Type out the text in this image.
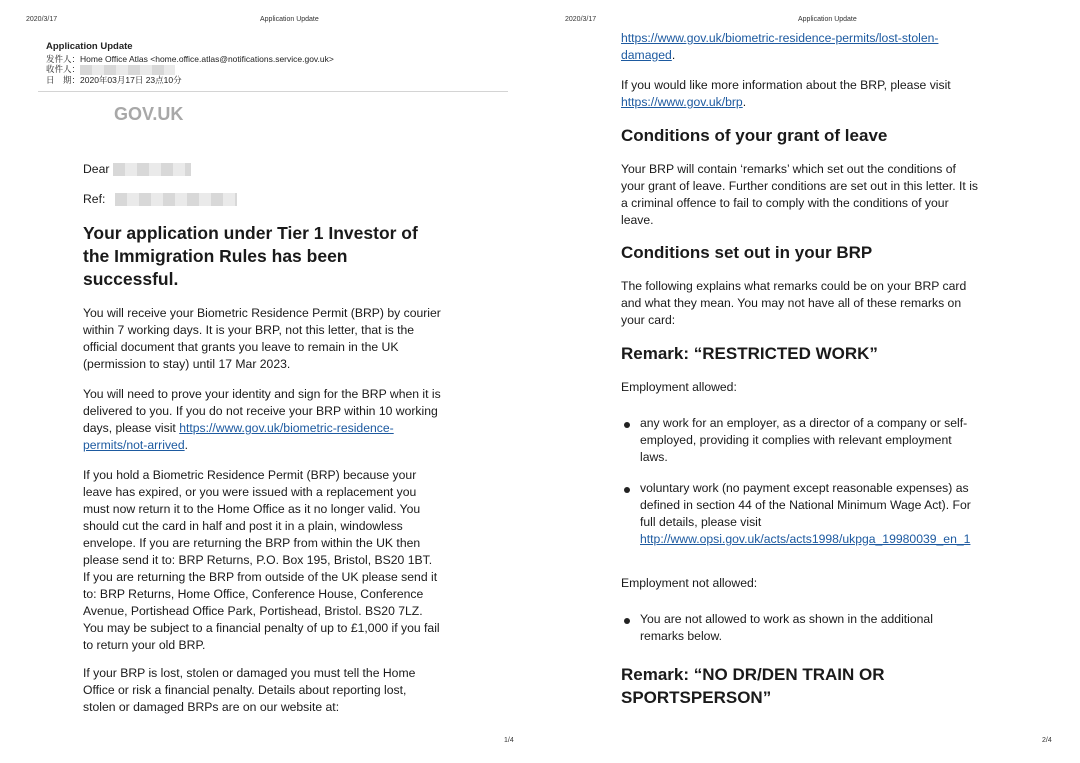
2020/3/17	Application Update
Application Update
发件人：Home Office Atlas <home.office.atlas@notifications.service.gov.uk>
收件人：
日　期：2020年03月17日 23点10分
GOV.UK
Dear
Ref:
Your application under Tier 1 Investor of
the Immigration Rules has been
successful.
You will receive your Biometric Residence Permit (BRP) by courier
within 7 working days. It is your BRP, not this letter, that is the
official document that grants you leave to remain in the UK
(permission to stay) until 17 Mar 2023.
You will need to prove your identity and sign for the BRP when it is
delivered to you. If you do not receive your BRP within 10 working
days, please visit https://www.gov.uk/biometric-residence-
permits/not-arrived.
If you hold a Biometric Residence Permit (BRP) because your
leave has expired, or you were issued with a replacement you
must now return it to the Home Office as it no longer valid. You
should cut the card in half and post it in a plain, windowless
envelope. If you are returning the BRP from within the UK then
please send it to: BRP Returns, P.O. Box 195, Bristol, BS20 1BT.
If you are returning the BRP from outside of the UK please send it
to: BRP Returns, Home Office, Conference House, Conference
Avenue, Portishead Office Park, Portishead, Bristol. BS20 7LZ.
You may be subject to a financial penalty of up to £1,000 if you fail
to return your old BRP.
If your BRP is lost, stolen or damaged you must tell the Home
Office or risk a financial penalty. Details about reporting lost,
stolen or damaged BRPs are on our website at:
1/4
2020/3/17	Application Update
2/4
https://www.gov.uk/biometric-residence-permits/lost-stolen-
damaged.
If you would like more information about the BRP, please visit
https://www.gov.uk/brp.
Conditions of your grant of leave
Your BRP will contain ‘remarks’ which set out the conditions of
your grant of leave. Further conditions are set out in this letter. It is
a criminal offence to fail to comply with the conditions of your
leave.
Conditions set out in your BRP
The following explains what remarks could be on your BRP card
and what they mean. You may not have all of these remarks on
your card:
Remark: “RESTRICTED WORK”
Employment allowed:
any work for an employer, as a director of a company or self-
employed, providing it complies with relevant employment
laws.
voluntary work (no payment except reasonable expenses) as
defined in section 44 of the National Minimum Wage Act). For
full details, please visit
http://www.opsi.gov.uk/acts/acts1998/ukpga_19980039_en_1
Employment not allowed:
You are not allowed to work as shown in the additional
remarks below.
Remark: “NO DR/DEN TRAIN OR
SPORTSPERSON”
